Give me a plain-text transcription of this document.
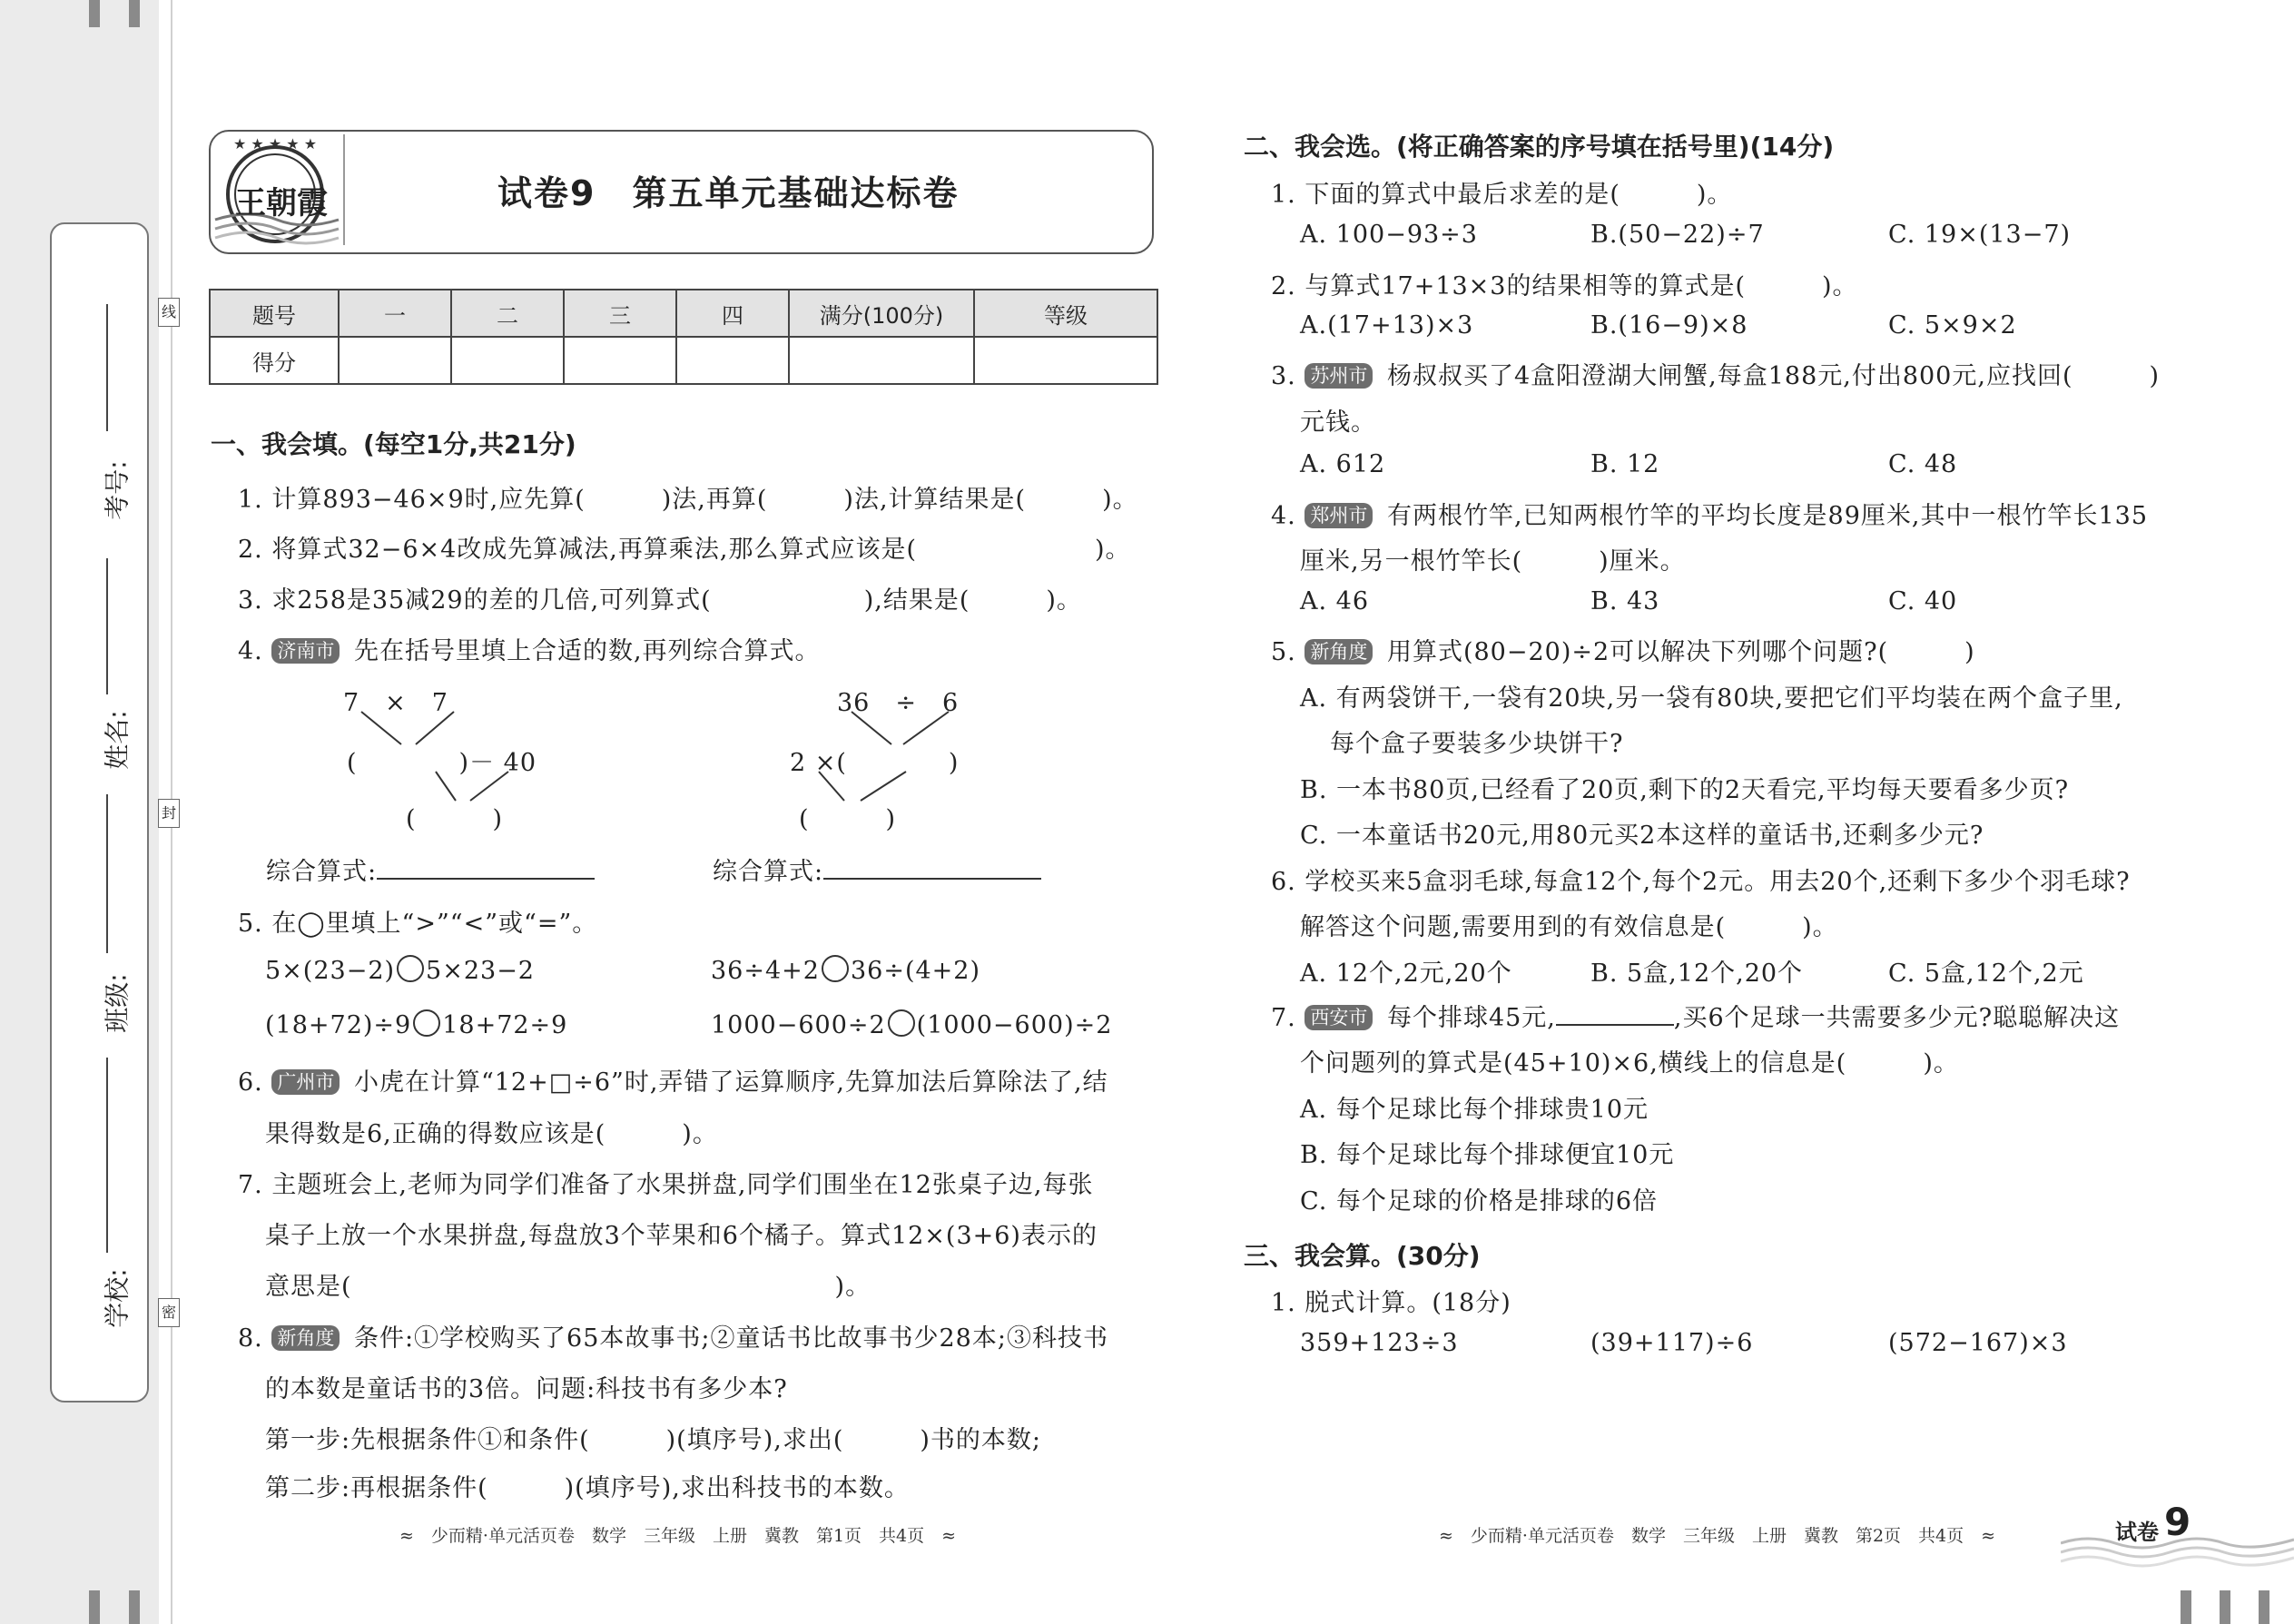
考号:
姓名:
班级:
学校:
线
封
密
★ ★ ★ ★ ★
王朝霞	试卷9　第五单元基础达标卷
题号	一	二	三	四	满分(100分)	等级
得分						
一、我会填。(每空1分,共21分)
1. 计算893−46×9时,应先算(　　　)法,再算(　　　)法,计算结果是(　　　)。
2. 将算式32−6×4改成先算减法,再算乘法,那么算式应该是(　　　　　　　)。
3. 求258是35减29的差的几倍,可列算式(　　　　　　),结果是(　　　)。
4. 济南市 先在括号里填上合适的数,再列综合算式。
7　×　7
(　　　　)－ 40
(　　　)
36　÷　6
2 ×(　　　　)
(　　　)
综合算式:	综合算式:
5. 在◯里填上“>”“<”或“=”。
5×(23−2) 5×23−2	36÷4+2 36÷(4+2)
(18+72)÷9 18+72÷9	1000−600÷2 (1000−600)÷2
6. 广州市 小虎在计算“12+□÷6”时,弄错了运算顺序,先算加法后算除法了,结
果得数是6,正确的得数应该是(　　　)。
7. 主题班会上,老师为同学们准备了水果拼盘,同学们围坐在12张桌子边,每张
桌子上放一个水果拼盘,每盘放3个苹果和6个橘子。算式12×(3+6)表示的
意思是(　　　　　　　　　　　　　　　　　　　)。
8. 新角度 条件:①学校购买了65本故事书;②童话书比故事书少28本;③科技书
的本数是童话书的3倍。问题:科技书有多少本?
第一步:先根据条件①和条件(　　　)(填序号),求出(　　　)书的本数;
第二步:再根据条件(　　　)(填序号),求出科技书的本数。
≈　少而精·单元活页卷　数学　三年级　上册　冀教　第1页　共4页　≈
二、我会选。(将正确答案的序号填在括号里)(14分)
1. 下面的算式中最后求差的是(　　　)。
A. 100−93÷3	B.(50−22)÷7	C. 19×(13−7)
2. 与算式17+13×3的结果相等的算式是(　　　)。
A.(17+13)×3	B.(16−9)×8	C. 5×9×2
3. 苏州市 杨叔叔买了4盒阳澄湖大闸蟹,每盒188元,付出800元,应找回(　　　)
元钱。
A. 612	B. 12	C. 48
4. 郑州市 有两根竹竿,已知两根竹竿的平均长度是89厘米,其中一根竹竿长135
厘米,另一根竹竿长(　　　)厘米。
A. 46	B. 43	C. 40
5. 新角度 用算式(80−20)÷2可以解决下列哪个问题?(　　　)
A. 有两袋饼干,一袋有20块,另一袋有80块,要把它们平均装在两个盒子里,
每个盒子要装多少块饼干?
B. 一本书80页,已经看了20页,剩下的2天看完,平均每天要看多少页?
C. 一本童话书20元,用80元买2本这样的童话书,还剩多少元?
6. 学校买来5盒羽毛球,每盒12个,每个2元。用去20个,还剩下多少个羽毛球?
解答这个问题,需要用到的有效信息是(　　　)。
A. 12个,2元,20个	B. 5盒,12个,20个	C. 5盒,12个,2元
7. 西安市 每个排球45元,	,买6个足球一共需要多少元?聪聪解决这
个问题列的算式是(45+10)×6,横线上的信息是(　　　)。
A. 每个足球比每个排球贵10元
B. 每个足球比每个排球便宜10元
C. 每个足球的价格是排球的6倍
三、我会算。(30分)
1. 脱式计算。(18分)
359+123÷3	(39+117)÷6	(572−167)×3
≈　少而精·单元活页卷　数学　三年级　上册　冀教　第2页　共4页　≈	试卷 9
